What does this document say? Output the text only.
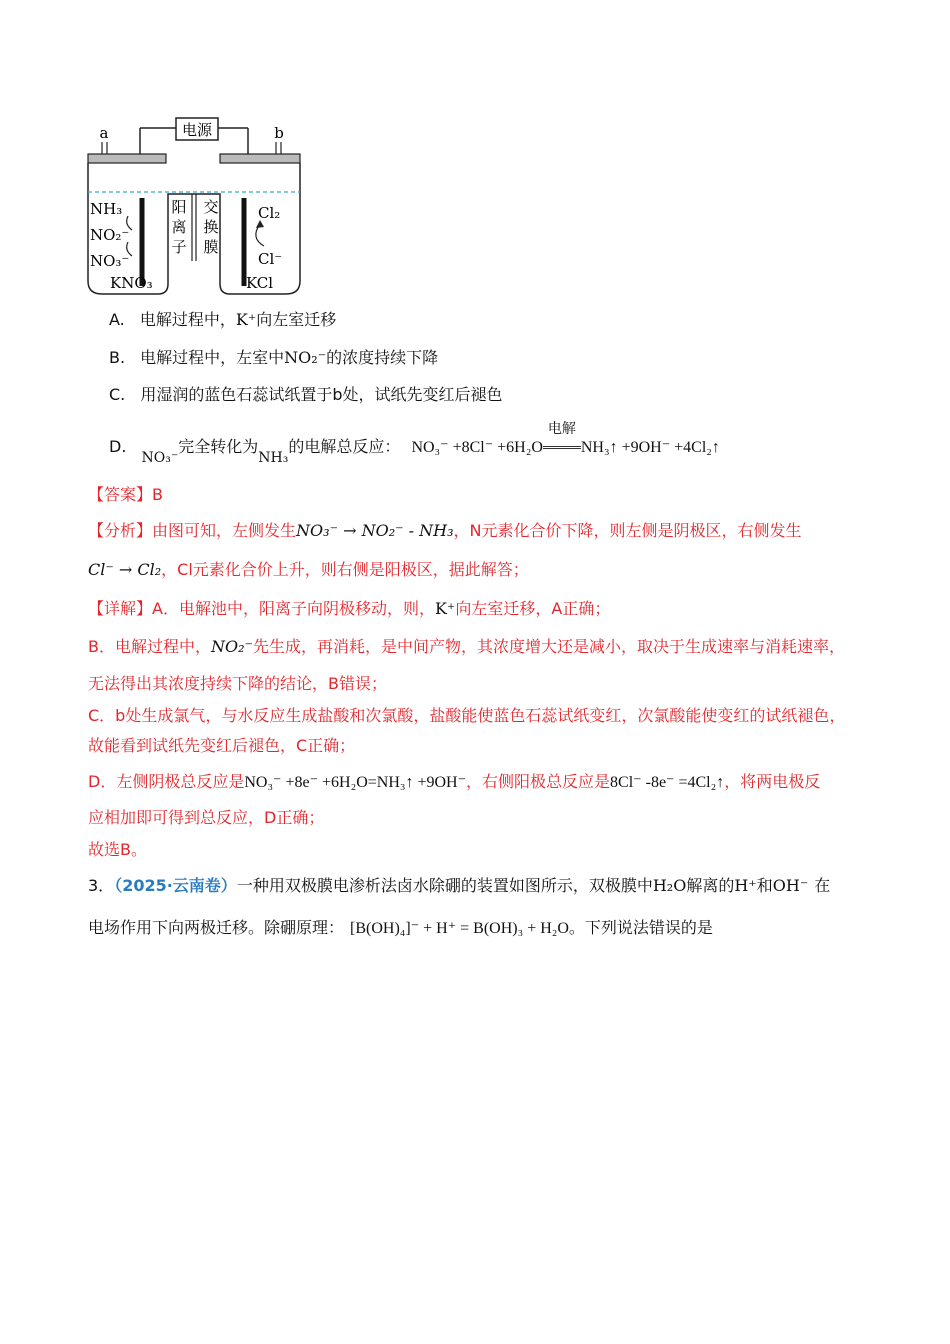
电源
a	b
阳
离
子
交
换
膜
NH₃
NO₂⁻
NO₃⁻
KNO₃
Cl₂
Cl⁻
KCl
A. 电解过程中，K⁺向左室迁移
B. 电解过程中，左室中NO₂⁻的浓度持续下降
C. 用湿润的蓝色石蕊试纸置于b处，试纸先变红后褪色
D. NO₃⁻完全转化为NH₃的电解总反应： NO₃⁻ +8Cl⁻ +6H₂O
电解
NH₃↑ +9OH⁻ +4Cl₂↑
【答案】B
【分析】由图可知，左侧发生NO₃⁻ → NO₂⁻ - NH₃，N元素化合价下降，则左侧是阴极区，右侧发生
Cl⁻ → Cl₂，Cl元素化合价上升，则右侧是阳极区，据此解答；
【详解】A．电解池中，阳离子向阴极移动，则，K⁺向左室迁移，A正确；
B．电解过程中，NO₂⁻先生成，再消耗，是中间产物，其浓度增大还是减小，取决于生成速率与消耗速率，
无法得出其浓度持续下降的结论，B错误；
C．b处生成氯气，与水反应生成盐酸和次氯酸，盐酸能使蓝色石蕊试纸变红，次氯酸能使变红的试纸褪色，
故能看到试纸先变红后褪色，C正确；
D．左侧阴极总反应是NO₃⁻ +8e⁻ +6H₂O=NH₃↑ +9OH⁻，右侧阳极总反应是8Cl⁻ -8e⁻ =4Cl₂↑，将两电极反
应相加即可得到总反应，D正确；
故选B。
3．（2025·云南卷）一种用双极膜电渗析法卤水除硼的装置如图所示，双极膜中H₂O解离的H⁺和OH⁻ 在
电场作用下向两极迁移。除硼原理： [B(OH)₄]⁻ + H⁺ = B(OH)₃ + H₂O。下列说法错误的是
